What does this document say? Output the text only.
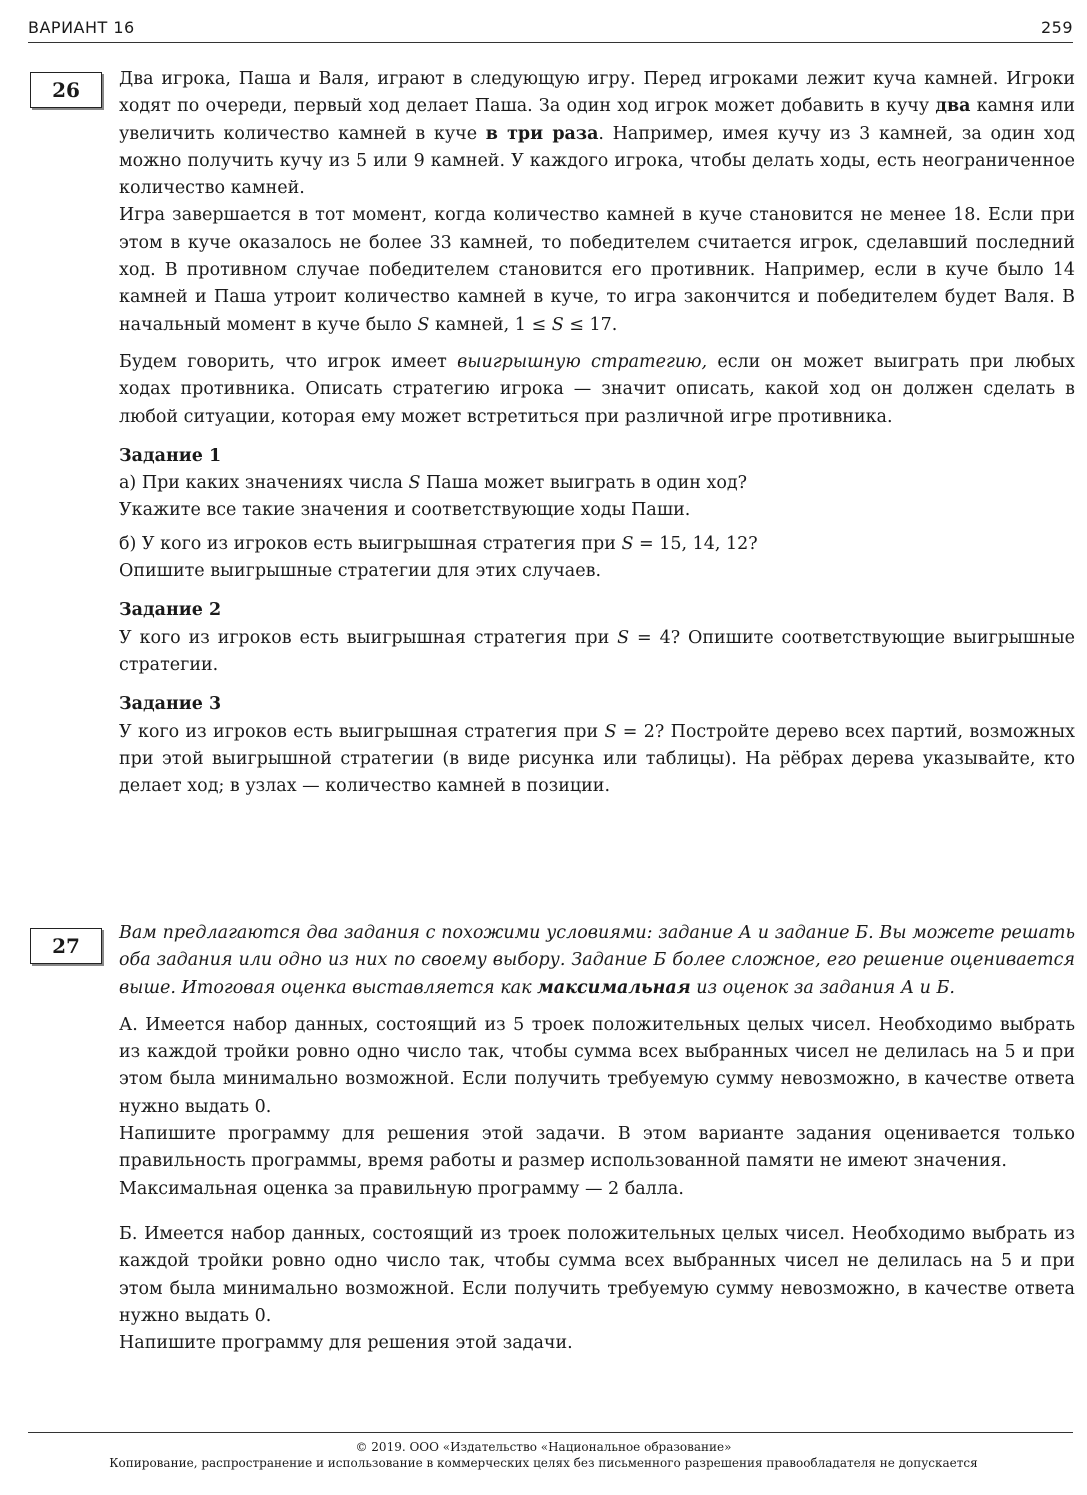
ВАРИАНТ 16	259
26	Два игрока, Паша и Валя, играют в следующую игру. Перед игроками лежит куча камней. Игроки ходят по очереди, первый ход делает Паша. За один ход игрок может добавить в кучу два камня или увеличить количество камней в куче в три раза. Например, имея кучу из 3 камней, за один ход можно получить кучу из 5 или 9 камней. У каждого игрока, чтобы делать ходы, есть неограниченное количество камней.

Игра завершается в тот момент, когда количество камней в куче становится не менее 18. Если при этом в куче оказалось не более 33 камней, то победителем считается игрок, сделавший последний ход. В противном случае победителем становится его противник. Например, если в куче было 14 камней и Паша утроит количество камней в куче, то игра закончится и победителем будет Валя. В начальный момент в куче было S камней, 1 ≤ S ≤ 17.

Будем говорить, что игрок имеет выигрышную стратегию, если он может выиграть при любых ходах противника. Описать стратегию игрока — значит описать, какой ход он должен сделать в любой ситуации, которая ему может встретиться при различной игре противника.

Задание 1

а) При каких значениях числа S Паша может выиграть в один ход?
Укажите все такие значения и соответствующие ходы Паши.

б) У кого из игроков есть выигрышная стратегия при S = 15, 14, 12?
Опишите выигрышные стратегии для этих случаев.

Задание 2

У кого из игроков есть выигрышная стратегия при S = 4? Опишите соответствующие выигрышные стратегии.

Задание 3

У кого из игроков есть выигрышная стратегия при S = 2? Постройте дерево всех партий, возможных при этой выигрышной стратегии (в виде рисунка или таблицы). На рёбрах дерева указывайте, кто делает ход; в узлах — количество камней в позиции.

27

Вам предлагаются два задания с похожими условиями: задание А и задание Б. Вы можете решать оба задания или одно из них по своему выбору. Задание Б более сложное, его решение оценивается выше. Итоговая оценка выставляется как максимальная из оценок за задания А и Б.

А. Имеется набор данных, состоящий из 5 троек положительных целых чисел. Необходимо выбрать из каждой тройки ровно одно число так, чтобы сумма всех выбранных чисел не делилась на 5 и при этом была минимально возможной. Если получить требуемую сумму невозможно, в качестве ответа нужно выдать 0.

Напишите программу для решения этой задачи. В этом варианте задания оценивается только правильность программы, время работы и размер использованной памяти не имеют значения.

Максимальная оценка за правильную программу — 2 балла.

Б. Имеется набор данных, состоящий из троек положительных целых чисел. Необходимо выбрать из каждой тройки ровно одно число так, чтобы сумма всех выбранных чисел не делилась на 5 и при этом была минимально возможной. Если получить требуемую сумму невозможно, в качестве ответа нужно выдать 0.

Напишите программу для решения этой задачи.

© 2019. ООО «Издательство «Национальное образование»
Копирование, распространение и использование в коммерческих целях без письменного разрешения правообладателя не допускается
